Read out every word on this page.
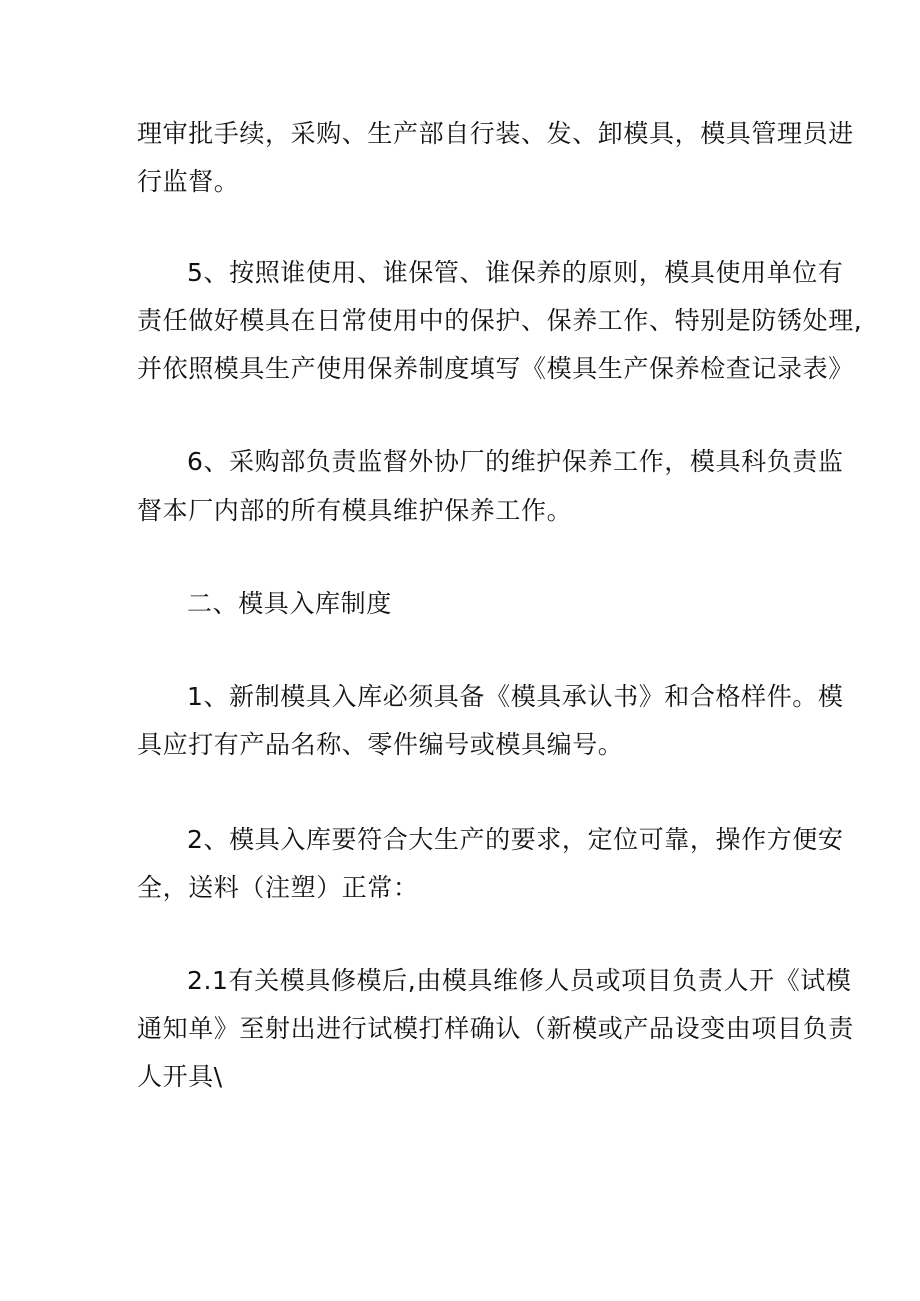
理审批手续，采购、生产部自行装、发、卸模具，模具管理员进
行监督。
5、按照谁使用、谁保管、谁保养的原则，模具使用单位有
责任做好模具在日常使用中的保护、保养工作、特别是防锈处理,
并依照模具生产使用保养制度填写《模具生产保养检查记录表》
6、采购部负责监督外协厂的维护保养工作，模具科负责监
督本厂内部的所有模具维护保养工作。
二、模具入库制度
1、新制模具入库必须具备《模具承认书》和合格样件。模
具应打有产品名称、零件编号或模具编号。
2、模具入库要符合大生产的要求，定位可靠，操作方便安
全，送料（注塑）正常：
2.1有关模具修模后,由模具维修人员或项目负责人开《试模
通知单》至射出进行试模打样确认（新模或产品设变由项目负责
人开具\
